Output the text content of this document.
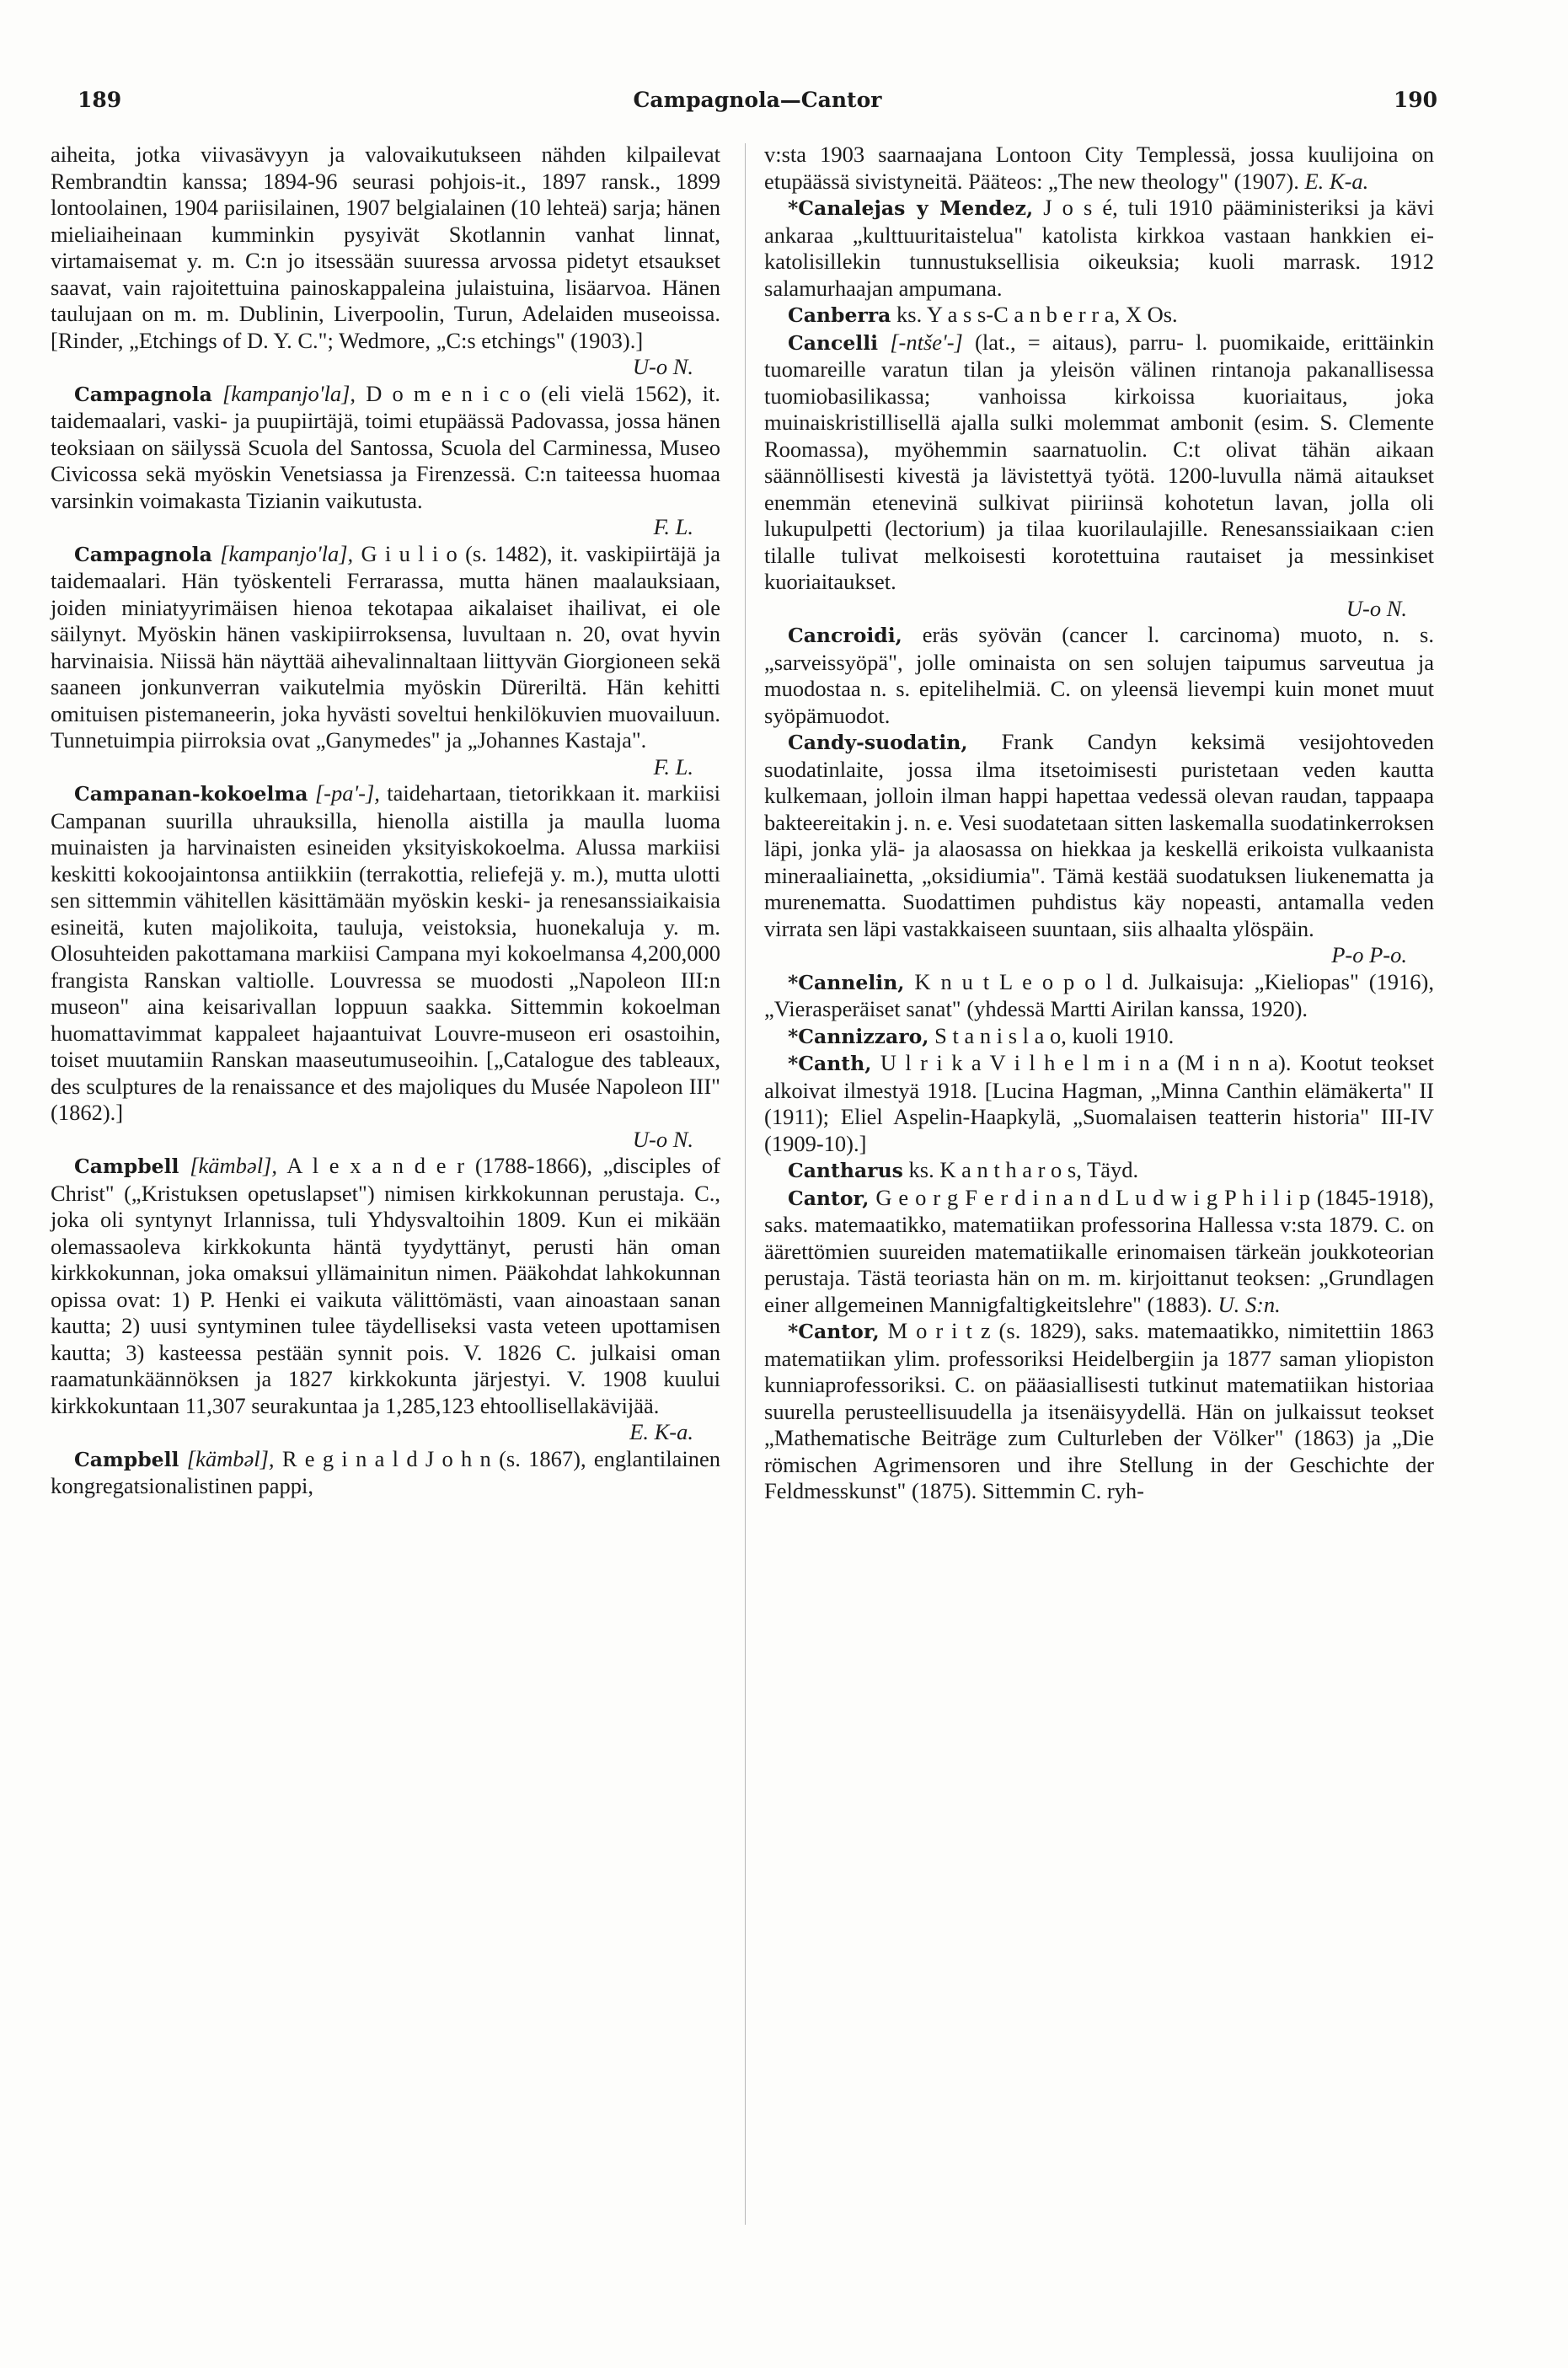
189	Campagnola—Cantor	190

aiheita, jotka viivasävyyn ja valovaikutukseen nähden kilpailevat Rembrandtin kanssa; 1894-96 seurasi pohjois-it., 1897 ransk., 1899 lontoolainen, 1904 pariisilainen, 1907 belgialainen (10 lehteä) sarja; hänen mieliaiheinaan kumminkin pysyivät Skotlannin vanhat linnat, virtamaisemat y. m. C:n jo itsessään suuressa arvossa pidetyt etsaukset saavat, vain rajoitettuina painoskappaleina julaistuina, lisäarvoa. Hänen taulujaan on m. m. Dublinin, Liverpoolin, Turun, Adelaiden museoissa. [Rinder, „Etchings of D. Y. C."; Wedmore, „C:s etchings" (1903).]
U-o N.

Campagnola [kampanjo'la], D o m e n i c o (eli vielä 1562), it. taidemaalari, vaski- ja puupiirtäjä, toimi etupäässä Padovassa, jossa hänen teoksiaan on säilyssä Scuola del Santossa, Scuola del Carminessa, Museo Civicossa sekä myöskin Venetsiassa ja Firenzessä. C:n taiteessa huomaa varsinkin voimakasta Tizianin vaikutusta.
F. L.

Campagnola [kampanjo'la], G i u l i o (s. 1482), it. vaskipiirtäjä ja taidemaalari. Hän työskenteli Ferrarassa, mutta hänen maalauksiaan, joiden miniatyyrimäisen hienoa tekotapaa aikalaiset ihailivat, ei ole säilynyt. Myöskin hänen vaskipiirroksensa, luvultaan n. 20, ovat hyvin harvinaisia. Niissä hän näyttää aihevalinnaltaan liittyvän Giorgioneen sekä saaneen jonkunverran vaikutelmia myöskin Düreriltä. Hän kehitti omituisen pistemaneerin, joka hyvästi soveltui henkilökuvien muovailuun. Tunnetuimpia piirroksia ovat „Ganymedes" ja „Johannes Kastaja".
F. L.

Campanan-kokoelma [-pa'-], taidehartaan, tietorikkaan it. markiisi Campanan suurilla uhrauksilla, hienolla aistilla ja maulla luoma muinaisten ja harvinaisten esineiden yksityiskokoelma. Alussa markiisi keskitti kokoojaintonsa antiikkiin (terrakottia, reliefejä y. m.), mutta ulotti sen sittemmin vähitellen käsittämään myöskin keski- ja renesanssiaikaisia esineitä, kuten majolikoita, tauluja, veistoksia, huonekaluja y. m. Olosuhteiden pakottamana markiisi Campana myi kokoelmansa 4,200,000 frangista Ranskan valtiolle. Louvressa se muodosti „Napoleon III:n museon" aina keisarivallan loppuun saakka. Sittemmin kokoelman huomattavimmat kappaleet hajaantuivat Louvre-museon eri osastoihin, toiset muutamiin Ranskan maaseutumuseoihin. [„Catalogue des tableaux, des sculptures de la renaissance et des majoliques du Musée Napoleon III" (1862).]
U-o N.

Campbell [kämbəl], A l e x a n d e r (1788-1866), „disciples of Christ" („Kristuksen opetuslapset") nimisen kirkkokunnan perustaja. C., joka oli syntynyt Irlannissa, tuli Yhdysvaltoihin 1809. Kun ei mikään olemassaoleva kirkkokunta häntä tyydyttänyt, perusti hän oman kirkkokunnan, joka omaksui yllämainitun nimen. Pääkohdat lahkokunnan opissa ovat: 1) P. Henki ei vaikuta välittömästi, vaan ainoastaan sanan kautta; 2) uusi syntyminen tulee täydelliseksi vasta veteen upottamisen kautta; 3) kasteessa pestään synnit pois. V. 1826 C. julkaisi oman raamatunkäännöksen ja 1827 kirkkokunta järjestyi. V. 1908 kuului kirkkokuntaan 11,307 seurakuntaa ja 1,285,123 ehtoollisellakävijää.
E. K-a.

Campbell [kämbəl], R e g i n a l d J o h n (s. 1867), englantilainen kongregatsionalistinen pappi,

v:sta 1903 saarnaajana Lontoon City Templessä, jossa kuulijoina on etupäässä sivistyneitä. Pääteos: „The new theology" (1907). E. K-a.

*Canalejas y Mendez, J o s é, tuli 1910 pääministeriksi ja kävi ankaraa „kulttuuritaistelua" katolista kirkkoa vastaan hankkien ei-katolisillekin tunnustuksellisia oikeuksia; kuoli marrask. 1912 salamurhaajan ampumana.

Canberra ks. Y a s s-C a n b e r r a, X Os.

Cancelli [-ntše'-] (lat., = aitaus), parru- l. puomikaide, erittäinkin tuomareille varatun tilan ja yleisön välinen rintanoja pakanallisessa tuomiobasilikassa; vanhoissa kirkoissa kuoriaitaus, joka muinaiskristillisellä ajalla sulki molemmat ambonit (esim. S. Clemente Roomassa), myöhemmin saarnatuolin. C:t olivat tähän aikaan säännöllisesti kivestä ja lävistettyä työtä. 1200-luvulla nämä aitaukset enemmän etenevinä sulkivat piiriinsä kohotetun lavan, jolla oli lukupulpetti (lectorium) ja tilaa kuorilaulajille. Renesanssiaikaan c:ien tilalle tulivat melkoisesti korotettuina rautaiset ja messinkiset kuoriaitaukset.
U-o N.

Cancroidi, eräs syövän (cancer l. carcinoma) muoto, n. s. „sarveissyöpä", jolle ominaista on sen solujen taipumus sarveutua ja muodostaa n. s. epitelihelmiä. C. on yleensä lievempi kuin monet muut syöpämuodot.

Candy-suodatin, Frank Candyn keksimä vesijohtoveden suodatinlaite, jossa ilma itsetoimisesti puristetaan veden kautta kulkemaan, jolloin ilman happi hapettaa vedessä olevan raudan, tappaapa bakteereitakin j. n. e. Vesi suodatetaan sitten laskemalla suodatinkerroksen läpi, jonka ylä- ja alaosassa on hiekkaa ja keskellä erikoista vulkaanista mineraaliainetta, „oksidiumia". Tämä kestää suodatuksen liukenematta ja murenematta. Suodattimen puhdistus käy nopeasti, antamalla veden virrata sen läpi vastakkaiseen suuntaan, siis alhaalta ylöspäin.
P-o P-o.

*Cannelin, K n u t L e o p o l d. Julkaisuja: „Kieliopas" (1916), „Vierasperäiset sanat" (yhdessä Martti Airilan kanssa, 1920).

*Cannizzaro, S t a n i s l a o, kuoli 1910.

*Canth, U l r i k a V i l h e l m i n a (M i n n a). Kootut teokset alkoivat ilmestyä 1918. [Lucina Hagman, „Minna Canthin elämäkerta" II (1911); Eliel Aspelin-Haapkylä, „Suomalaisen teatterin historia" III-IV (1909-10).]

Cantharus ks. K a n t h a r o s, Täyd.

Cantor, G e o r g F e r d i n a n d L u d w i g P h i l i p (1845-1918), saks. matemaatikko, matematiikan professorina Hallessa v:sta 1879. C. on äärettömien suureiden matematiikalle erinomaisen tärkeän joukkoteorian perustaja. Tästä teoriasta hän on m. m. kirjoittanut teoksen: „Grundlagen einer allgemeinen Mannigfaltigkeitslehre" (1883). U. S:n.

*Cantor, M o r i t z (s. 1829), saks. matemaatikko, nimitettiin 1863 matematiikan ylim. professoriksi Heidelbergiin ja 1877 saman yliopiston kunniaprofessoriksi. C. on pääasiallisesti tutkinut matematiikan historiaa suurella perusteellisuudella ja itsenäisyydellä. Hän on julkaissut teokset „Mathematische Beiträge zum Culturleben der Völker" (1863) ja „Die römischen Agrimensoren und ihre Stellung in der Geschichte der Feldmesskunst" (1875). Sittemmin C. ryh-
